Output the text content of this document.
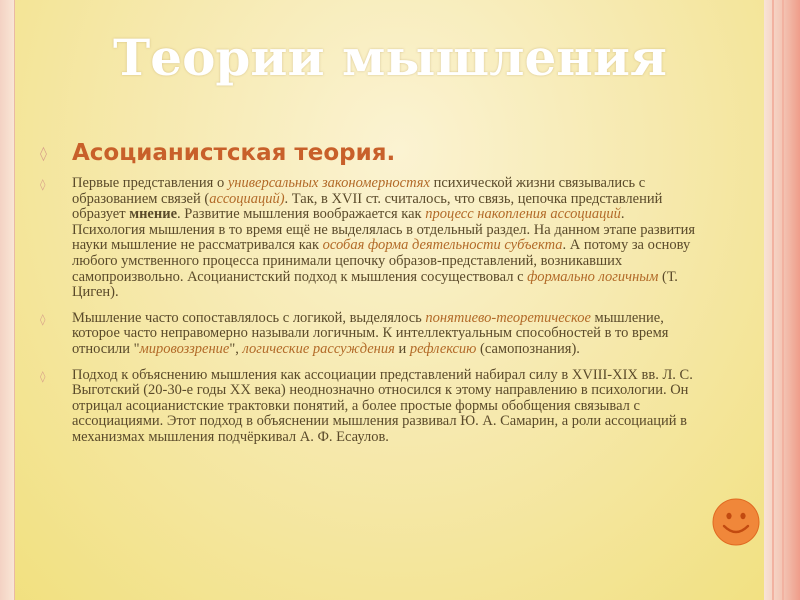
Теории мышления
◊ Асоцианистская теория.
◊ Первые представления о универсальных закономерностях психической жизни связывались с образованием связей (ассоциаций). Так, в XVII ст. считалось, что связь, цепочка представлений образует мнение. Развитие мышления воображается как процесс накопления ассоциаций. Психология мышления в то время ещё не выделялась в отдельный раздел. На данном этапе развития науки мышление не рассматривался как особая форма деятельности субъекта. А потому за основу любого умственного процесса принимали цепочку образов-представлений, возникавших самопроизвольно. Асоцианистский подход к мышления сосуществовал с формально логичным (Т. Циген).
◊ Мышление часто сопоставлялось с логикой, выделялось понятиево-теоретическое мышление, которое часто неправомерно называли логичным. К интеллектуальным способностей в то время относили "мировоззрение", логические рассуждения и рефлексию (самопознания).
◊ Подход к объяснению мышления как ассоциации представлений набирал силу в XVIII-XIX вв. Л. С. Выготский (20-30-е годы ХХ века) неоднозначно относился к этому направлению в психологии. Он отрицал асоцианистские трактовки понятий, а более простые формы обобщения связывал с ассоциациями. Этот подход в объяснении мышления развивал Ю. А. Самарин, а роли ассоциаций в механизмах мышления подчёркивал А. Ф. Есаулов.
